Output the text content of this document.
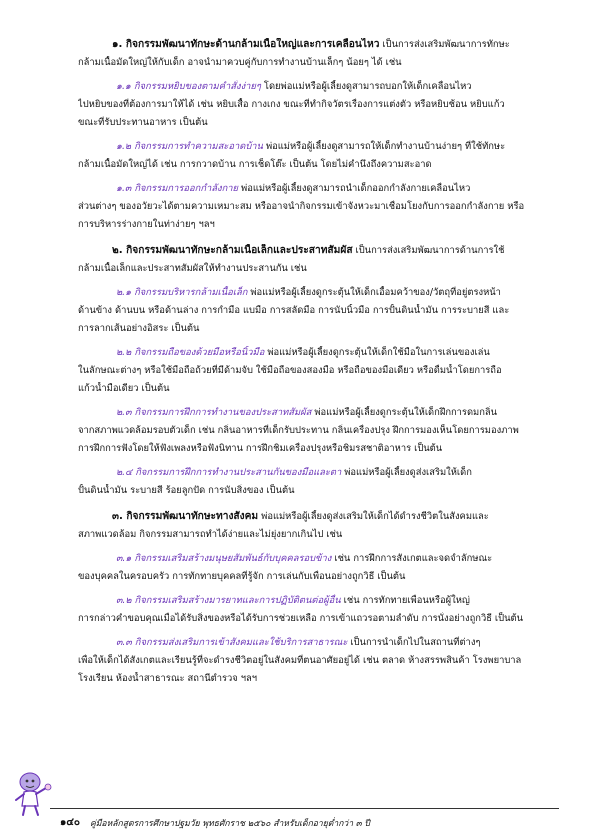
๑. กิจกรรมพัฒนาทักษะด้านกล้ามเนื้อใหญ่และการเคลื่อนไหว เป็นการส่งเสริมพัฒนาการทักษะ
กล้ามเนื้อมัดใหญ่ให้กับเด็ก อาจนำมาควบคู่กับการทำงานบ้านเล็กๆ น้อยๆ ได้ เช่น
๑.๑ กิจกรรมหยิบของตามคำสั่งง่ายๆ โดยพ่อแม่หรือผู้เลี้ยงดูสามารถบอกให้เด็กเคลื่อนไหว
ไปหยิบของที่ต้องการมาให้ได้ เช่น หยิบเสื้อ กางเกง ขณะที่ทำกิจวัตรเรื่องการแต่งตัว หรือหยิบช้อน หยิบแก้ว
ขณะที่รับประทานอาหาร เป็นต้น
๑.๒ กิจกรรมการทำความสะอาดบ้าน พ่อแม่หรือผู้เลี้ยงดูสามารถให้เด็กทำงานบ้านง่ายๆ ที่ใช้ทักษะ
กล้ามเนื้อมัดใหญ่ได้ เช่น การกวาดบ้าน การเช็ดโต๊ะ เป็นต้น โดยไม่คำนึงถึงความสะอาด
๑.๓ กิจกรรมการออกกำลังกาย พ่อแม่หรือผู้เลี้ยงดูสามารถนำเด็กออกกำลังกายเคลื่อนไหว
ส่วนต่างๆ ของอวัยวะได้ตามความเหมาะสม หรืออาจนำกิจกรรมเข้าจังหวะมาเชื่อมโยงกับการออกกำลังกาย หรือ
การบริหารร่างกายในท่าง่ายๆ ฯลฯ
๒. กิจกรรมพัฒนาทักษะกล้ามเนื้อเล็กและประสาทสัมผัส เป็นการส่งเสริมพัฒนาการด้านการใช้
กล้ามเนื้อเล็กและประสาทสัมผัสให้ทำงานประสานกัน เช่น
๒.๑ กิจกรรมบริหารกล้ามเนื้อเล็ก พ่อแม่หรือผู้เลี้ยงดูกระตุ้นให้เด็กเอื้อมคว้าของ/วัตถุที่อยู่ตรงหน้า
ด้านข้าง ด้านบน หรือด้านล่าง การกำมือ แบมือ การสลัดมือ การนับนิ้วมือ การปั้นดินน้ำมัน การระบายสี และ
การลากเส้นอย่างอิสระ เป็นต้น
๒.๒ กิจกรรมถือของด้วยมือหรือนิ้วมือ พ่อแม่หรือผู้เลี้ยงดูกระตุ้นให้เด็กใช้มือในการเล่นของเล่น
ในลักษณะต่างๆ หรือใช้มือถือถ้วยที่มีด้ามจับ ใช้มือถือของสองมือ หรือถือของมือเดียว หรือดื่มน้ำโดยการถือ
แก้วน้ำมือเดียว เป็นต้น
๒.๓ กิจกรรมการฝึกการทำงานของประสาทสัมผัส พ่อแม่หรือผู้เลี้ยงดูกระตุ้นให้เด็กฝึกการดมกลิ่น
จากสภาพแวดล้อมรอบตัวเด็ก เช่น กลิ่นอาหารที่เด็กรับประทาน กลิ่นเครื่องปรุง ฝึกการมองเห็นโดยการมองภาพ
การฝึกการฟังโดยให้ฟังเพลงหรือฟังนิทาน การฝึกชิมเครื่องปรุงหรือชิมรสชาติอาหาร เป็นต้น
๒.๔ กิจกรรมการฝึกการทำงานประสานกันของมือและตา พ่อแม่หรือผู้เลี้ยงดูส่งเสริมให้เด็ก
ปั้นดินน้ำมัน ระบายสี ร้อยลูกปัด การนับสิ่งของ เป็นต้น
๓. กิจกรรมพัฒนาทักษะทางสังคม พ่อแม่หรือผู้เลี้ยงดูส่งเสริมให้เด็กได้ดำรงชีวิตในสังคมและ
สภาพแวดล้อม กิจกรรมสามารถทำได้ง่ายและไม่ยุ่งยากเกินไป เช่น
๓.๑ กิจกรรมเสริมสร้างมนุษยสัมพันธ์กับบุคคลรอบข้าง เช่น การฝึกการสังเกตและจดจำลักษณะ
ของบุคคลในครอบครัว การทักทายบุคคลที่รู้จัก การเล่นกับเพื่อนอย่างถูกวิธี เป็นต้น
๓.๒ กิจกรรมเสริมสร้างมารยาทและการปฏิบัติตนต่อผู้อื่น เช่น การทักทายเพื่อนหรือผู้ใหญ่
การกล่าวคำขอบคุณเมื่อได้รับสิ่งของหรือได้รับการช่วยเหลือ การเข้าแถวรอตามลำดับ การนั่งอย่างถูกวิธี เป็นต้น
๓.๓ กิจกรรมส่งเสริมการเข้าสังคมและใช้บริการสาธารณะ เป็นการนำเด็กไปในสถานที่ต่างๆ
เพื่อให้เด็กได้สังเกตและเรียนรู้ที่จะดำรงชีวิตอยู่ในสังคมที่ตนอาศัยอยู่ได้ เช่น ตลาด ห้างสรรพสินค้า โรงพยาบาล
โรงเรียน ห้องน้ำสาธารณะ สถานีตำรวจ ฯลฯ
๑๔๐ คู่มือหลักสูตรการศึกษาปฐมวัย พุทธศักราช ๒๕๖๐ สำหรับเด็กอายุต่ำกว่า ๓ ปี
